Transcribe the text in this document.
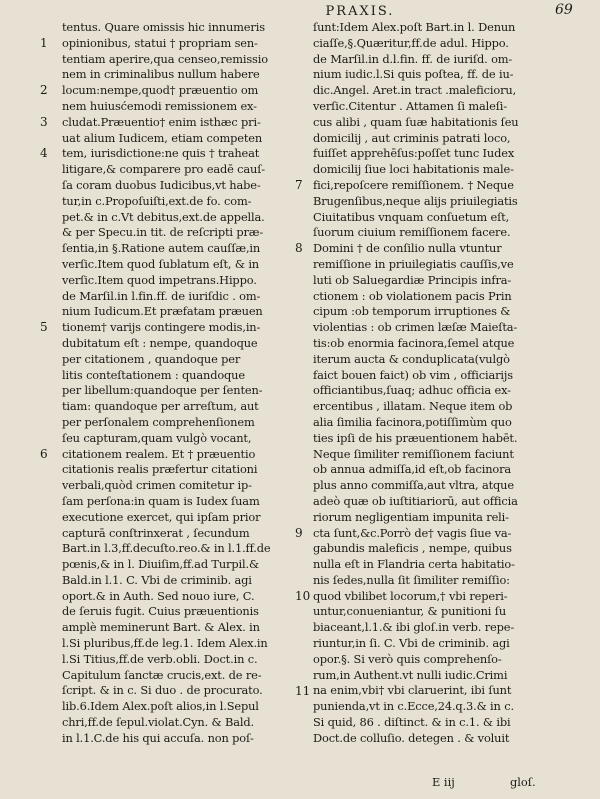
PRAXIS.	69
tentus. Quare omissis hic innumeris
opinionibus, statui † propriam sen-
tentiam aperire,qua censeo,remissio
nem in criminalibus nullum habere
locum:nempe,quod† præuentio om
nem huiusćemodi remissionem ex-
cludat.Præuentio† enim isthæc pri-
uat alium Iudicem, etiam competen
tem, iurisdictione:ne quis † traheat
litigare,& comparere pro eadē cauſ-
ſa coram duobus Iudicibus,vt habe-
tur,in c.Propoſuiſti,ext.de fo. com-
pet.& in c.Vt debitus,ext.de appella.
& per Specu.in tit. de reſcripti præ-
ſentia,in §.Ratione autem cauſſæ,in
verſic.Item quod ſublatum eſt, & in
verſic.Item quod impetrans.Hippo.
de Marſil.in l.fin.ff. de iuriſdic . om-
nium Iudicum.Et præfatam præuen
tionem† varijs contingere modis,in-
dubitatum eſt : nempe, quandoque
per citationem , quandoque per
litis conteſtationem : quandoque
per libellum:quandoque per ſenten-
tiam: quandoque per arreſtum, aut
per perſonalem comprehenſionem
ſeu capturam,quam vulgò vocant,
citationem realem. Et † præuentio
citationis realis præfertur citationi
verbali,quòd crimen comitetur ip-
ſam perſona:in quam is Iudex ſuam
executione exercet, qui ipſam prior
capturā conſtrinxerat , ſecundum
Bart.in l.3,ff.decuſto.reo.& in l.1.ff.de
pœnis,& in l. Diuiſim,ff.ad Turpil.&
Bald.in l.1. C. Vbi de criminib. agi
oport.& in Auth. Sed nouo iure, C.
de ſeruis fugit. Cuius præuentionis
amplè meminerunt Bart. & Alex. in
l.Si pluribus,ff.de leg.1. Idem Alex.in
l.Si Titius,ff.de verb.obli. Doct.in c.
Capitulum ſanctæ crucis,ext. de re-
ſcript. & in c. Si duo . de procurato.
lib.6.Idem Alex.poſt alios,in l.Sepul
chri,ff.de ſepul.violat.Cyn. & Bald.
in l.1.C.de his qui accuſa. non poſ-
ſunt:Idem Alex.poſt Bart.in l. Denun
ciaſſe,§.Quæritur,ff.de adul. Hippo.
de Marſil.in d.l.fin. ff. de iuriſd. om-
nium iudic.l.Si quis poſtea, ff. de iu-
dic.Angel. Aret.in tract .maleficioru,
verſic.Citentur . Attamen ſi maleſi-
cus alibi , quam ſuæ habitationis ſeu
domicilij , aut criminis patrati loco,
fuiſſet apprehēſus:poſſet tunc Iudex
domicilij ſiue loci habitationis male-
fici,repoſcere remiſſionem. † Neque
Brugenſibus,neque alijs priuilegiatis
Ciuitatibus vnquam conſuetum eſt,
ſuorum ciuium remiſſionem facere.
Domini † de conſilio nulla vtuntur
remiſſione in priuilegiatis cauſſis,ve
luti ob Saluegardiæ Principis infra-
ctionem : ob violationem pacis Prin
cipum :ob temporum irruptiones &
violentias : ob crimen læſæ Maieſta-
tis:ob enormia facinora,ſemel atque
iterum aucta & conduplicata(vulgò
faict bouen faict) ob vim , officiarijs
officiantibus,ſuaq; adhuc officia ex-
ercentibus , illatam. Neque item ob
alia ſimilia facinora,potiſſimùm quo
ties ipſi de his præuentionem habēt.
Neque ſimiliter remiſſionem faciunt
ob annua admiſſa,id eſt,ob facinora
plus anno commiſſa,aut vltra, atque
adeò quæ ob iuſtitiariorū, aut officia
riorum negligentiam impunita reli-
cta ſunt,&c.Porrò de† vagis ſiue va-
gabundis maleficis , nempe, quibus
nulla eſt in Flandria certa habitatio-
nis ſedes,nulla ſit ſimiliter remiſſio:
quod vbilibet locorum,† vbi reperi-
untur,conueniantur, & punitioni ſu
biaceant,l.1.& ibi gloſ.in verb. repe-
riuntur,in ſi. C. Vbi de criminib. agi
opor.§. Si verò quis comprehenſo-
rum,in Authent.vt nulli iudic.Crimi
na enim,vbi† vbi claruerint, ibi ſunt
punienda,vt in c.Ecce,24.q.3.& in c.
Si quid, 86 . diſtinct. & in c.1. & ibi
Doct.de colluſio. detegen . & voluit
1
2
3
4
5
6
7
8
9
10
11
E iij	gloſ.
